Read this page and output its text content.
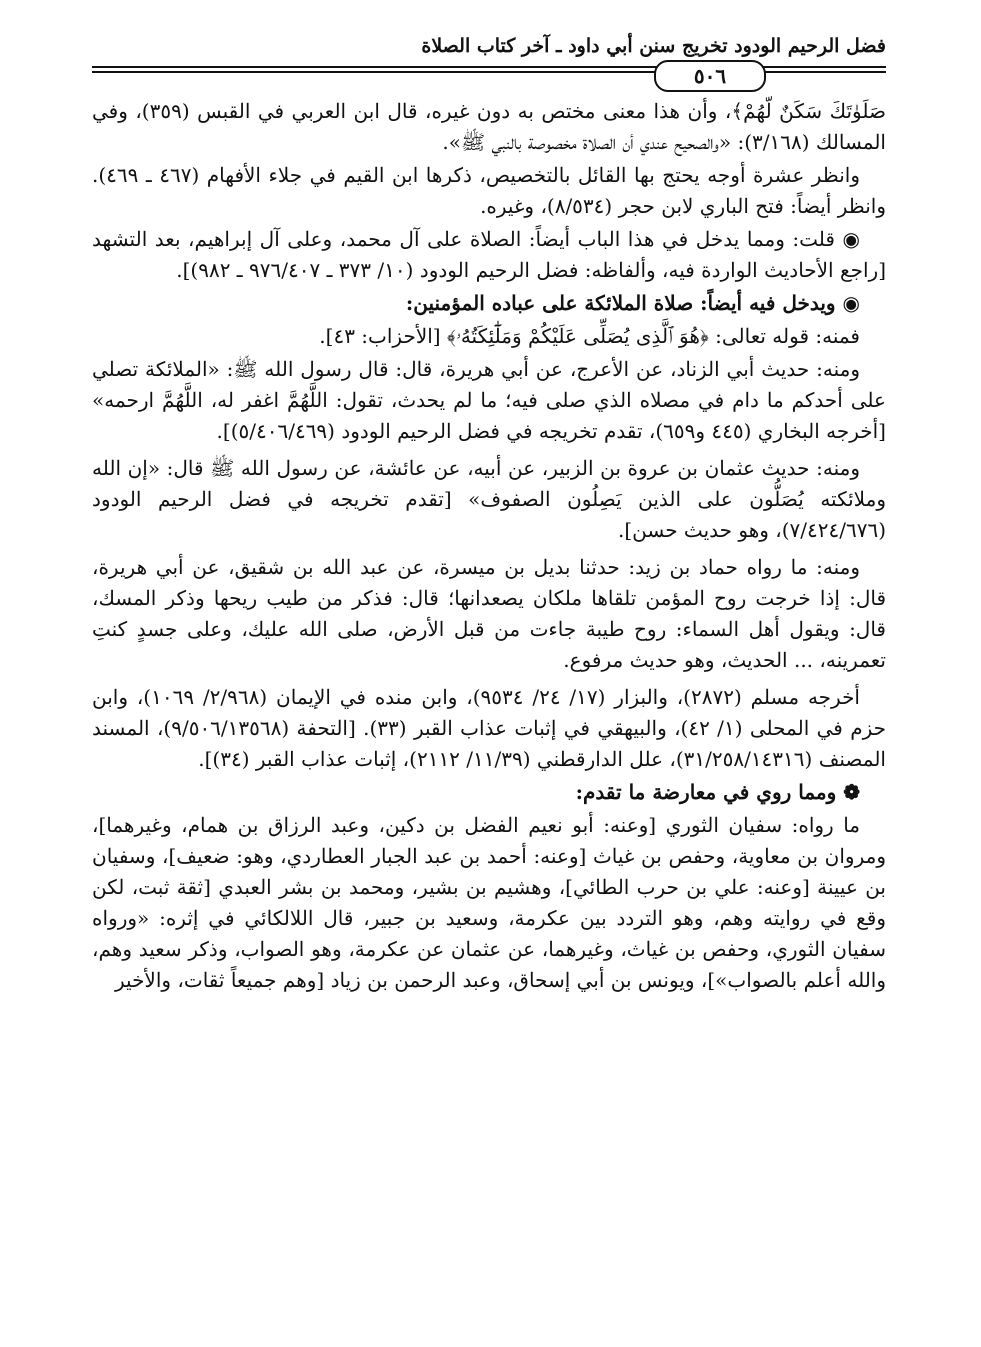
فضل الرحيم الودود تخريج سنن أبي داود ـ آخر كتاب الصلاة
٥٠٦

صَلَوٰتَكَ سَكَنٌ لَّهُمْ﴾، وأن هذا معنى مختص به دون غيره، قال ابن العربي في القبس (٣٥٩)، وفي المسالك (٣/١٦٨): «والصحيح عندي أن الصلاة مخصوصة بالنبي ﷺ».

وانظر عشرة أوجه يحتج بها القائل بالتخصيص، ذكرها ابن القيم في جلاء الأفهام (٤٦٧ ـ ٤٦٩). وانظر أيضاً: فتح الباري لابن حجر (٨/٥٣٤)، وغيره.

◉ قلت: ومما يدخل في هذا الباب أيضاً: الصلاة على آل محمد، وعلى آل إبراهيم، بعد التشهد [راجع الأحاديث الواردة فيه، وألفاظه: فضل الرحيم الودود (١٠/ ٣٧٣ ـ ٩٧٦/٤٠٧ ـ ٩٨٢)].

◉ ويدخل فيه أيضاً: صلاة الملائكة على عباده المؤمنين:

فمنه: قوله تعالى: ﴿هُوَ ٱلَّذِى يُصَلِّى عَلَيْكُمْ وَمَلَٰٓئِكَتُهُۥ﴾ [الأحزاب: ٤٣].

ومنه: حديث أبي الزناد، عن الأعرج، عن أبي هريرة، قال: قال رسول الله ﷺ: «الملائكة تصلي على أحدكم ما دام في مصلاه الذي صلى فيه؛ ما لم يحدث، تقول: اللَّهُمَّ اغفر له، اللَّهُمَّ ارحمه» [أخرجه البخاري (٤٤٥ و٦٥٩)، تقدم تخريجه في فضل الرحيم الودود (٥/٤٠٦/٤٦٩)].

ومنه: حديث عثمان بن عروة بن الزبير، عن أبيه، عن عائشة، عن رسول الله ﷺ قال: «إن الله وملائكته يُصَلُّون على الذين يَصِلُون الصفوف» [تقدم تخريجه في فضل الرحيم الودود (٧/٤٢٤/٦٧٦)، وهو حديث حسن].

ومنه: ما رواه حماد بن زيد: حدثنا بديل بن ميسرة، عن عبد الله بن شقيق، عن أبي هريرة، قال: إذا خرجت روح المؤمن تلقاها ملكان يصعدانها؛ قال: فذكر من طيب ريحها وذكر المسك، قال: ويقول أهل السماء: روح طيبة جاءت من قبل الأرض، صلى الله عليك، وعلى جسدٍ كنتِ تعمرينه، ... الحديث، وهو حديث مرفوع.

أخرجه مسلم (٢٨٧٢)، والبزار (١٧/ ٢٤/ ٩٥٣٤)، وابن منده في الإيمان (٢/٩٦٨/ ١٠٦٩)، وابن حزم في المحلى (١/ ٤٢)، والبيهقي في إثبات عذاب القبر (٣٣). [التحفة (٩/٥٠٦/١٣٥٦٨)، المسند المصنف (٣١/٢٥٨/١٤٣١٦)، علل الدارقطني (١١/٣٩/ ٢١١٢)، إثبات عذاب القبر (٣٤)].

❁ ومما روي في معارضة ما تقدم:

ما رواه: سفيان الثوري [وعنه: أبو نعيم الفضل بن دكين، وعبد الرزاق بن همام، وغيرهما]، ومروان بن معاوية، وحفص بن غياث [وعنه: أحمد بن عبد الجبار العطاردي، وهو: ضعيف]، وسفيان بن عيينة [وعنه: علي بن حرب الطائي]، وهشيم بن بشير، ومحمد بن بشر العبدي [ثقة ثبت، لكن وقع في روايته وهم، وهو التردد بين عكرمة، وسعيد بن جبير، قال اللالكائي في إثره: «ورواه سفيان الثوري، وحفص بن غياث، وغيرهما، عن عثمان عن عكرمة، وهو الصواب، وذكر سعيد وهم، والله أعلم بالصواب»]، ويونس بن أبي إسحاق، وعبد الرحمن بن زياد [وهم جميعاً ثقات، والأخير
